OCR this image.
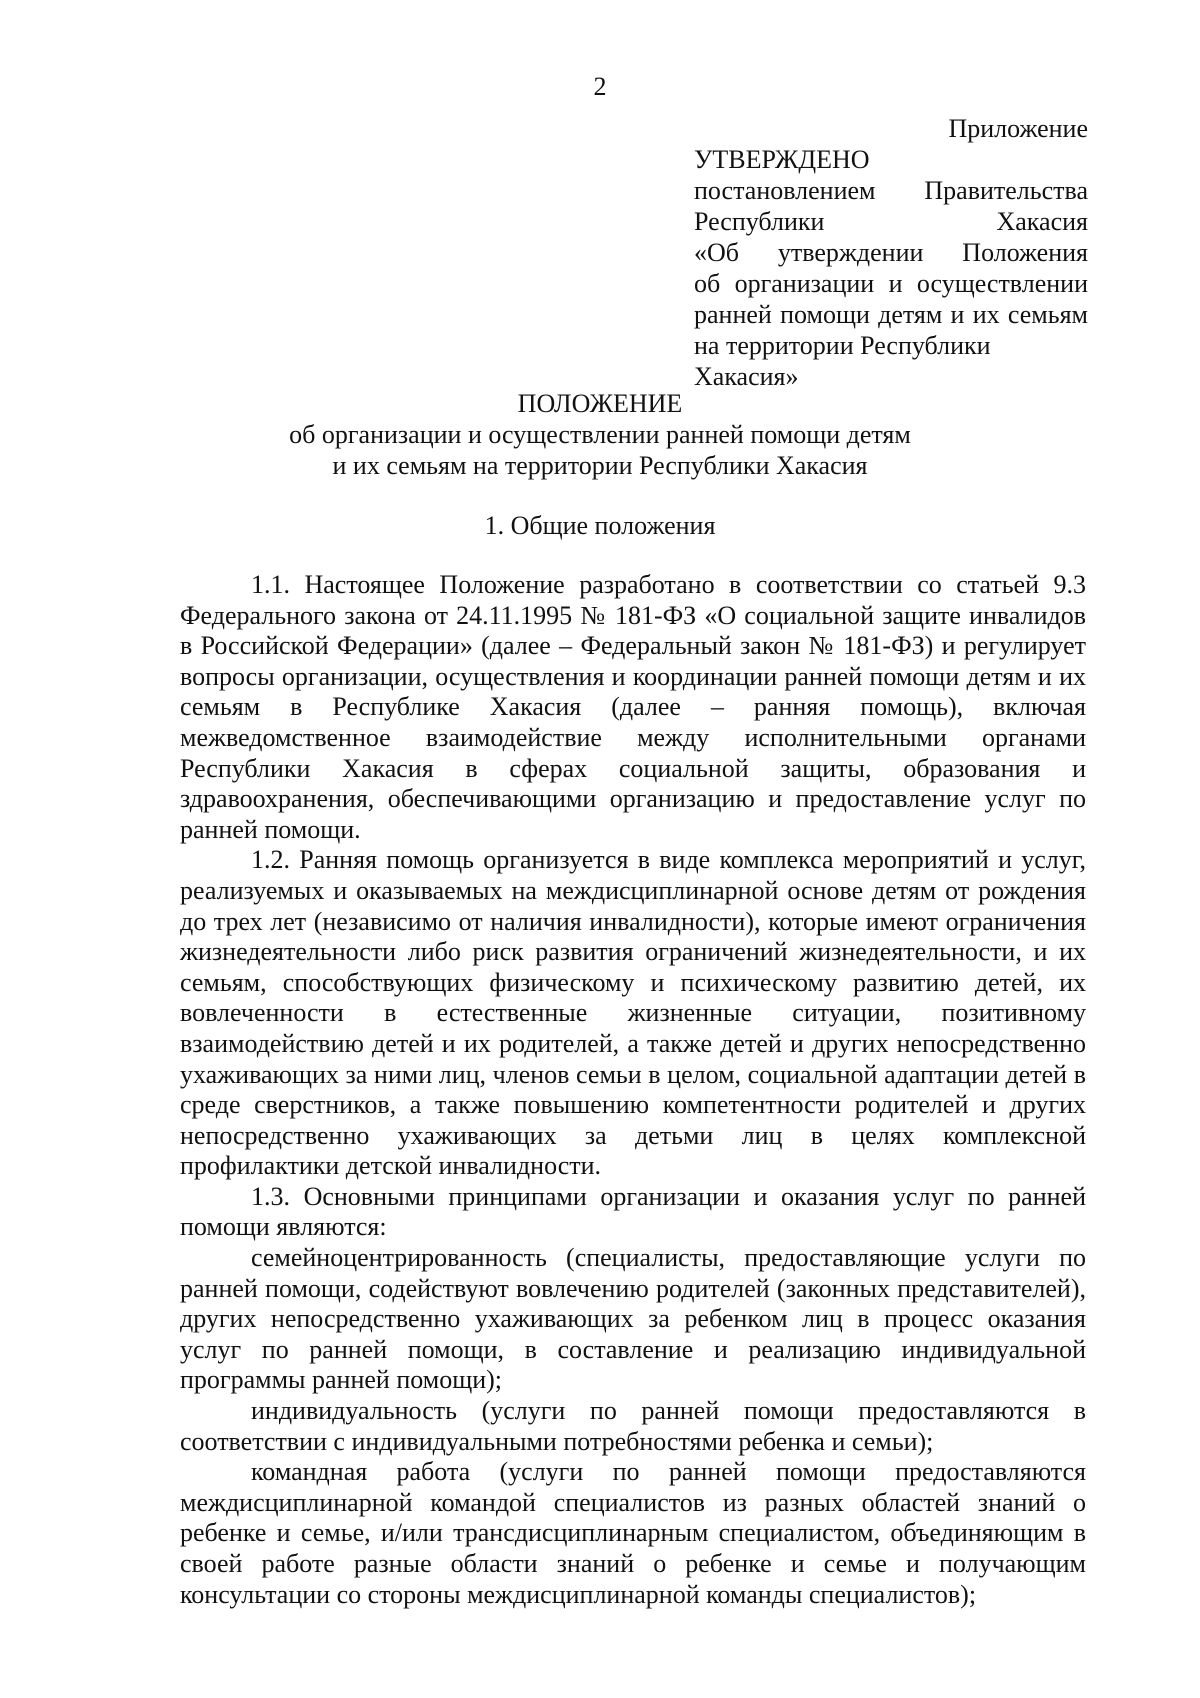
2
Приложение
УТВЕРЖДЕНО
постановлением Правительства
Республики Хакасия
«Об утверждении Положения
об организации и осуществлении
ранней помощи детям и их семьям
на территории Республики Хакасия»
ПОЛОЖЕНИЕ
об организации и осуществлении ранней помощи детям
и их семьям на территории Республики Хакасия
1. Общие положения

1.1. Настоящее Положение разработано в соответствии со статьей 9.3 Федерального закона от 24.11.1995 № 181-ФЗ «О социальной защите инвалидов в Российской Федерации» (далее – Федеральный закон № 181-ФЗ) и регулирует вопросы организации, осуществления и координации ранней помощи детям и их семьям в Республике Хакасия (далее – ранняя помощь), включая межведомственное взаимодействие между исполнительными органами Республики Хакасия в сферах социальной защиты, образования и здравоохранения, обеспечивающими организацию и предоставление услуг по ранней помощи.

1.2. Ранняя помощь организуется в виде комплекса мероприятий и услуг, реализуемых и оказываемых на междисциплинарной основе детям от рождения до трех лет (независимо от наличия инвалидности), которые имеют ограничения жизнедеятельности либо риск развития ограничений жизнедеятельности, и их семьям, способствующих физическому и психическому развитию детей, их вовлеченности в естественные жизненные ситуации, позитивному взаимодействию детей и их родителей, а также детей и других непосредственно ухаживающих за ними лиц, членов семьи в целом, социальной адаптации детей в среде сверстников, а также повышению компетентности родителей и других непосредственно ухаживающих за детьми лиц в целях комплексной профилактики детской инвалидности.

1.3. Основными принципами организации и оказания услуг по ранней помощи являются:

семейноцентрированность (специалисты, предоставляющие услуги по ранней помощи, содействуют вовлечению родителей (законных представителей), других непосредственно ухаживающих за ребенком лиц в процесс оказания услуг по ранней помощи, в составление и реализацию индивидуальной программы ранней помощи);

индивидуальность (услуги по ранней помощи предоставляются в соответствии с индивидуальными потребностями ребенка и семьи);

командная работа (услуги по ранней помощи предоставляются междисциплинарной командой специалистов из разных областей знаний о ребенке и семье, и/или трансдисциплинарным специалистом, объединяющим в своей работе разные области знаний о ребенке и семье и получающим консультации со стороны междисциплинарной команды специалистов);
